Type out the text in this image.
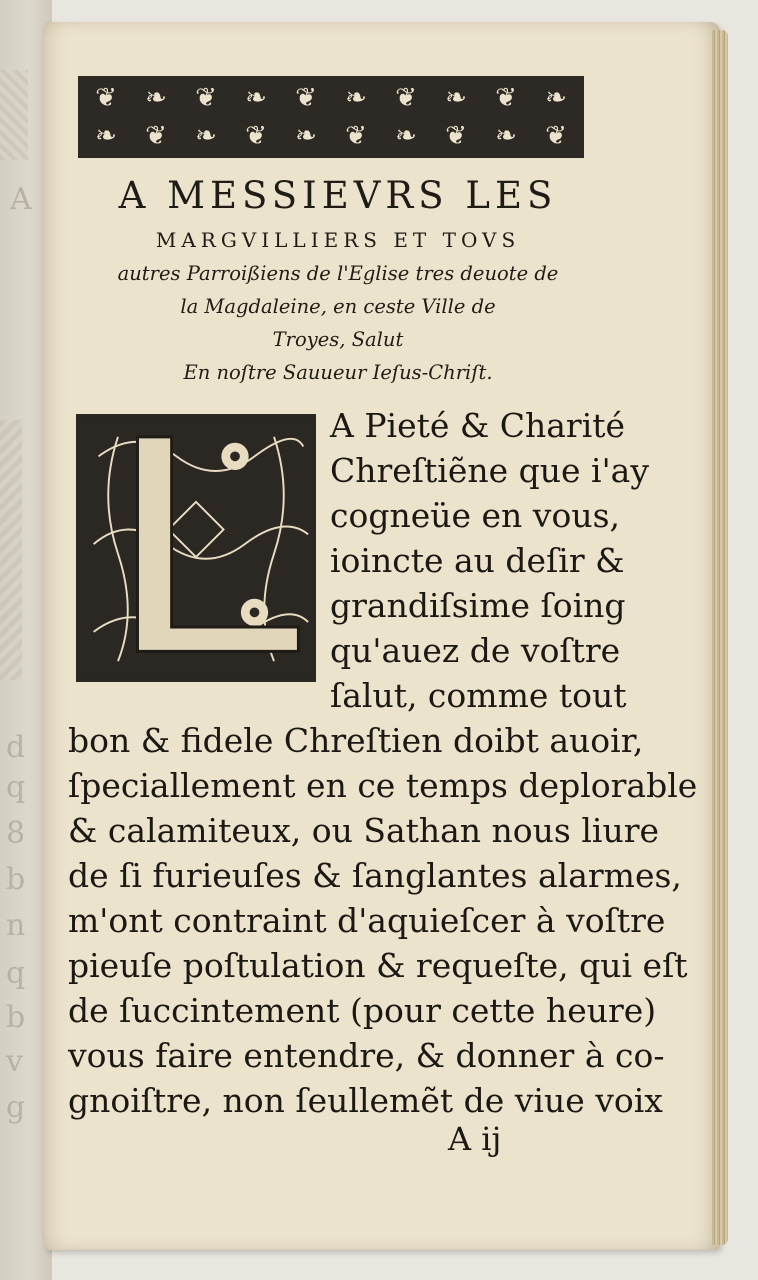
A
d
q
8
b
n
q
b
v
g
❦	❧	❦	❧	❦	❧	❦	❧	❦	❧
❧	❦	❧	❦	❧	❦	❧	❦	❧	❦
A MESSIEVRS LES
MARGVILLIERS ET TOVS
autres Parroißiens de l'Eglise tres deuote de
la Magdaleine, en ceste Ville de
Troyes, Salut
En noſtre Sauueur Ieſus-Chriſt.
A Pieté & Charité
Chreſtiẽne que i'ay
cogneüe en vous,
ioincte au deſir &
grandiſsime ſoing
qu'auez de voſtre
ſalut, comme tout
bon & fidele Chreſtien doibt auoir,
ſpeciallement en ce temps deplorable
& calamiteux, ou Sathan nous liure
de ſi furieuſes & ſanglantes alarmes,
m'ont contraint d'aquieſcer à voſtre
pieuſe poſtulation & requeſte, qui eſt
de ſuccintement (pour cette heure)
vous faire entendre, & donner à co-
gnoiſtre, non ſeullemẽt de viue voix
A ij
